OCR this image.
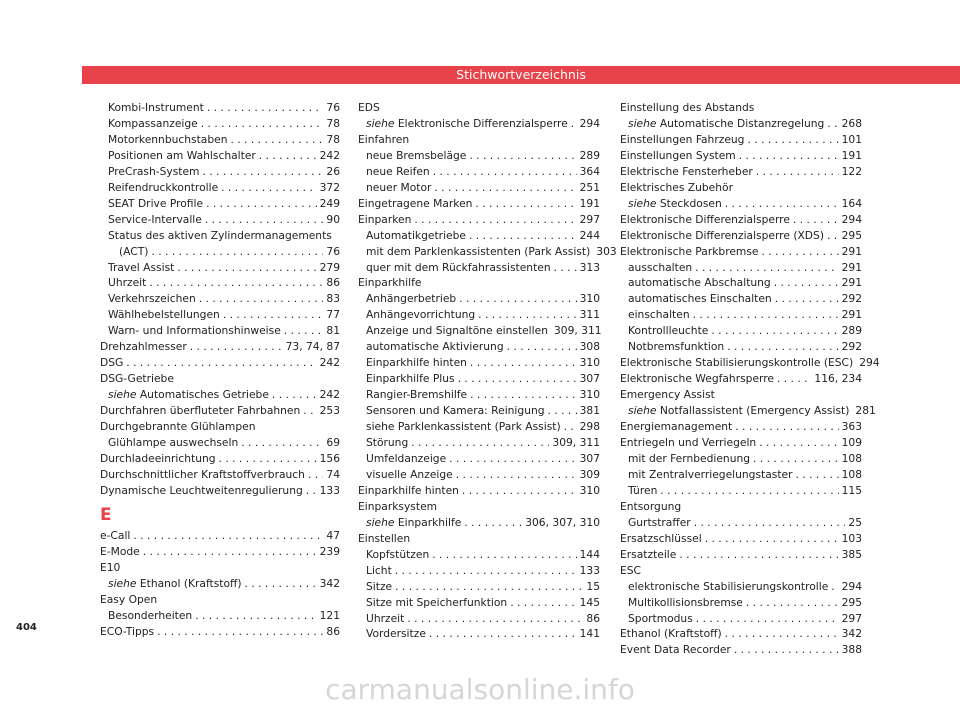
Stichwortverzeichnis
Kombi-Instrument . . .	76
Kompassanzeige . . .	78
Motorkennbuchstaben . . .	78
Positionen am Wahlschalter . . .	242
PreCrash-System . . .	26
Reifendruckkontrolle . . .	372
SEAT Drive Profile . . .	249
Service-Intervalle . . .	90
Status des aktiven Zylindermanagements
(ACT) . . .	76
Travel Assist . . .	279
Uhrzeit . . .	86
Verkehrszeichen . . .	83
Wählhebelstellungen . . .	77
Warn- und Informationshinweise . . .	81
Drehzahlmesser . . .	73, 74, 87
DSG . . .	242
DSG-Getriebe
siehe Automatisches Getriebe . . .	242
Durchfahren überfluteter Fahrbahnen . . . 253
Durchgebrannte Glühlampen
Glühlampe auswechseln . . .	69
Durchladeeinrichtung . . .	156
Durchschnittlicher Kraftstoffverbrauch . . . 74
Dynamische Leuchtweitenregulierung . . . 133
E
e-Call . . .	47
E-Mode . . .	239
E10
siehe Ethanol (Kraftstoff) . . .	342
Easy Open
Besonderheiten . . .	121
ECO-Tipps . . .	86
EDS
siehe Elektronische Differenzialsperre . . . 294
Einfahren
neue Bremsbeläge . . .	289
neue Reifen . . .	364
neuer Motor . . .	251
Eingetragene Marken . . .	191
Einparken . . .	297
Automatikgetriebe . . .	244
mit dem Parklenkassistenten (Park Assist) 303
quer mit dem Rückfahrassistenten . . .	313
Einparkhilfe
Anhängerbetrieb . . .	310
Anhängevorrichtung . . .	311
Anzeige und Signaltöne einstellen 309, 311
automatische Aktivierung . . .	308
Einparkhilfe hinten . . .	310
Einparkhilfe Plus . . .	307
Rangier-Bremshilfe . . .	310
Sensoren und Kamera: Reinigung . . .	381
siehe Parklenkassistent (Park Assist) . . . 298
Störung . . .	309, 311
Umfeldanzeige . . .	307
visuelle Anzeige . . .	309
Einparkhilfe hinten . . .	310
Einparksystem
siehe Einparkhilfe . . .	306, 307, 310
Einstellen
Kopfstützen . . .	144
Licht . . .	133
Sitze . . .	15
Sitze mit Speicherfunktion . . .	145
Uhrzeit . . .	86
Vordersitze . . .	141
Einstellung des Abstands
siehe Automatische Distanzregelung . . . 268
Einstellungen Fahrzeug . . .	101
Einstellungen System . . .	191
Elektrische Fensterheber . . .	122
Elektrisches Zubehör
siehe Steckdosen . . .	164
Elektronische Differenzialsperre . . .	294
Elektronische Differenzialsperre (XDS) . . . 295
Elektronische Parkbremse . . .	291
ausschalten . . .	291
automatische Abschaltung . . .	291
automatisches Einschalten . . .	292
einschalten . . .	291
Kontrollleuchte . . .	289
Notbremsfunktion . . .	292
Elektronische Stabilisierungskontrolle (ESC) 294
Elektronische Wegfahrsperre . . .	116, 234
Emergency Assist
siehe Notfallassistent (Emergency Assist) 281
Energiemanagement . . .	363
Entriegeln und Verriegeln . . .	109
mit der Fernbedienung . . .	108
mit Zentralverriegelungstaster . . .	108
Türen . . .	115
Entsorgung
Gurtstraffer . . .	25
Ersatzschlüssel . . .	103
Ersatzteile . . .	385
ESC
elektronische Stabilisierungskontrolle . . . 294
Multikollisionsbremse . . .	295
Sportmodus . . .	297
Ethanol (Kraftstoff) . . .	342
Event Data Recorder . . .	388
404
carmanualsonline.info
